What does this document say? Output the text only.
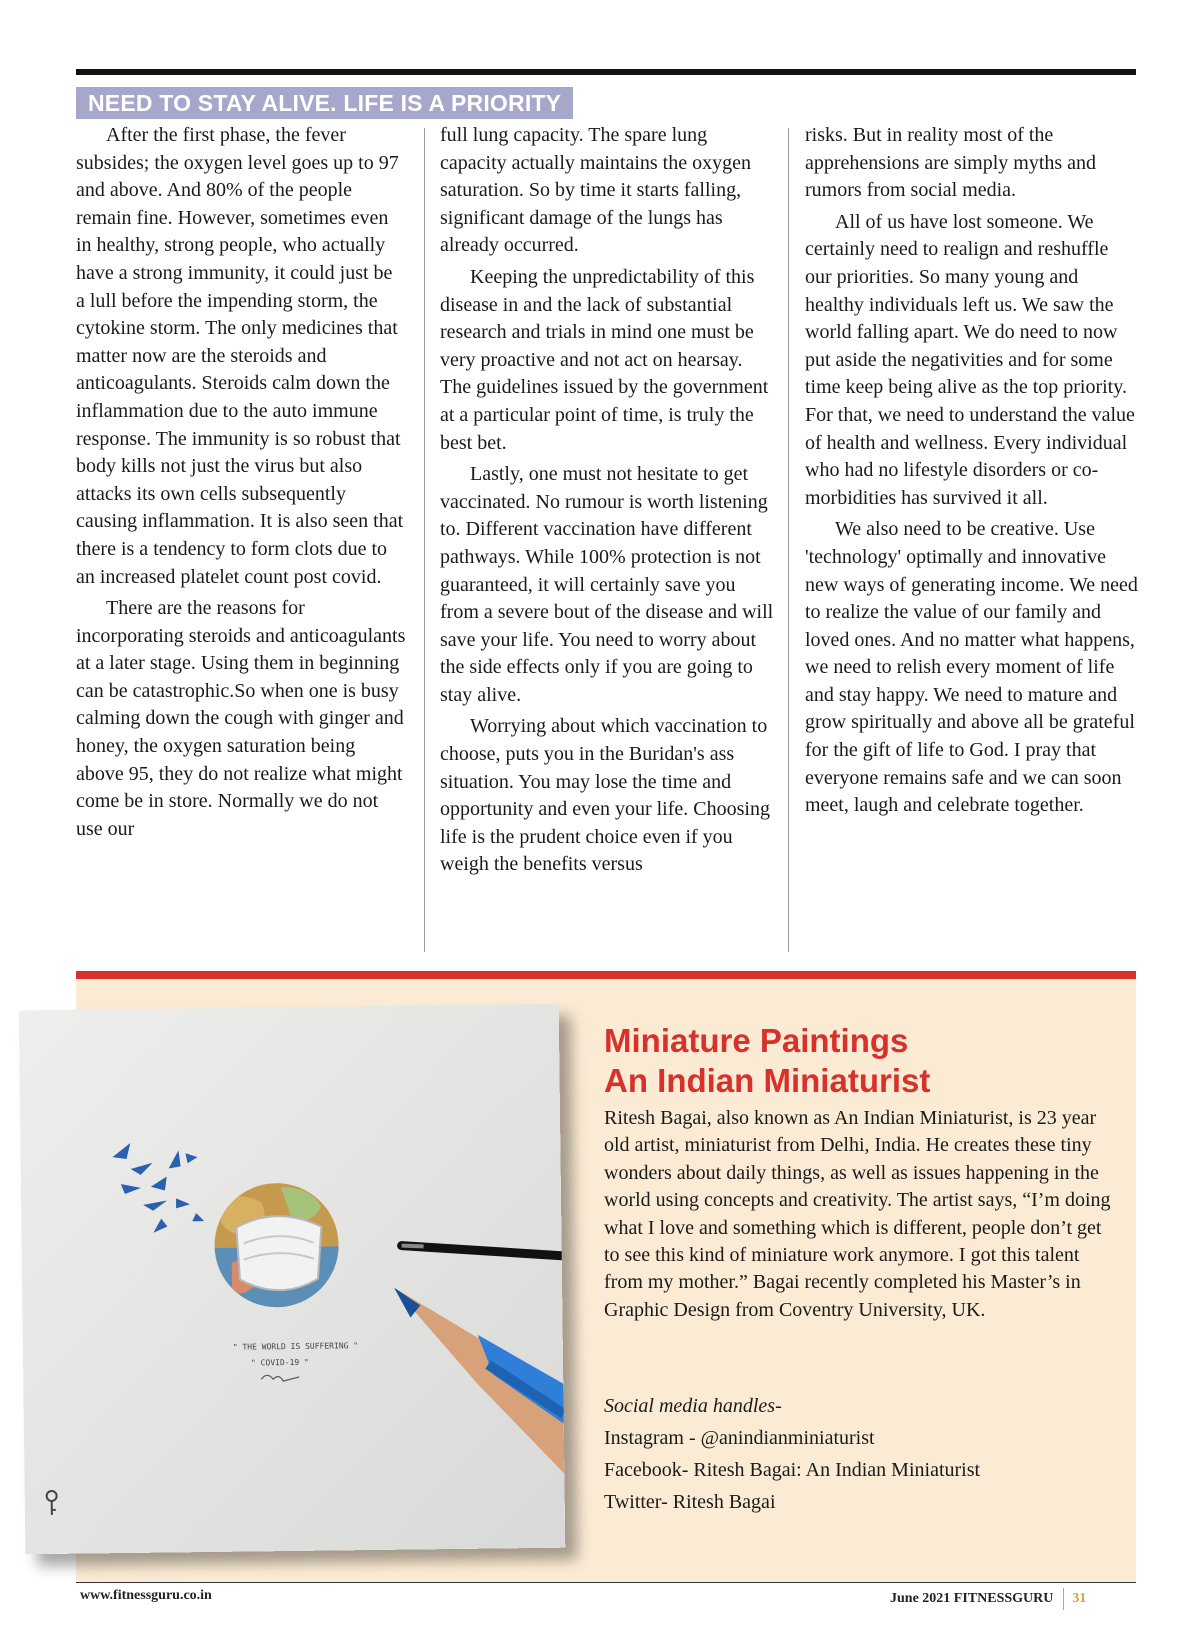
NEED TO STAY ALIVE. LIFE IS A PRIORITY

After the first phase, the fever subsides; the oxygen level goes up to 97 and above. And 80% of the people remain fine. However, sometimes even in healthy, strong people, who actually have a strong immunity, it could just be a lull before the impending storm, the cytokine storm. The only medicines that matter now are the steroids and anticoagulants. Steroids calm down the inflammation due to the auto immune response. The immunity is so robust that body kills not just the virus but also attacks its own cells subsequently causing inflammation. It is also seen that there is a tendency to form clots due to an increased platelet count post covid.

There are the reasons for incorporating steroids and anticoagulants at a later stage. Using them in beginning can be catastrophic.So when one is busy calming down the cough with ginger and honey, the oxygen saturation being above 95, they do not realize what might come be in store. Normally we do not use our

full lung capacity. The spare lung capacity actually maintains the oxygen saturation. So by time it starts falling, significant damage of the lungs has already occurred.

Keeping the unpredictability of this disease in and the lack of substantial research and trials in mind one must be very proactive and not act on hearsay. The guidelines issued by the government at a particular point of time, is truly the best bet.

Lastly, one must not hesitate to get vaccinated. No rumour is worth listening to. Different vaccination have different pathways. While 100% protection is not guaranteed, it will certainly save you from a severe bout of the disease and will save your life. You need to worry about the side effects only if you are going to stay alive.

Worrying about which vaccination to choose, puts you in the Buridan's ass situation. You may lose the time and opportunity and even your life. Choosing life is the prudent choice even if you weigh the benefits versus

risks. But in reality most of the apprehensions are simply myths and rumors from social media.

All of us have lost someone. We certainly need to realign and reshuffle our priorities. So many young and healthy individuals left us. We saw the world falling apart. We do need to now put aside the negativities and for some time keep being alive as the top priority. For that, we need to understand the value of health and wellness. Every individual who had no lifestyle disorders or co-morbidities has survived it all.

We also need to be creative. Use 'technology' optimally and innovative new ways of generating income. We need to realize the value of our family and loved ones. And no matter what happens, we need to relish every moment of life and stay happy. We need to mature and grow spiritually and above all be grateful for the gift of life to God. I pray that everyone remains safe and we can soon meet, laugh and celebrate together.

" THE WORLD IS SUFFERING "
" COVID-19 "
Miniature Paintings
An Indian Miniaturist

Ritesh Bagai, also known as An Indian Miniaturist, is 23 year old artist, miniaturist from Delhi, India. He creates these tiny wonders about daily things, as well as issues happening in the world using concepts and creativity. The artist says, “I’m doing what I love and something which is different, people don’t get to see this kind of miniature work anymore. I got this talent from my mother.” Bagai recently completed his Master’s in Graphic Design from Coventry University, UK.

Social media handles-
Instagram - @anindianminiaturist
Facebook- Ritesh Bagai: An Indian Miniaturist
Twitter- Ritesh Bagai
www.fitnessguru.co.in	June 2021 FITNESSGURU 31
